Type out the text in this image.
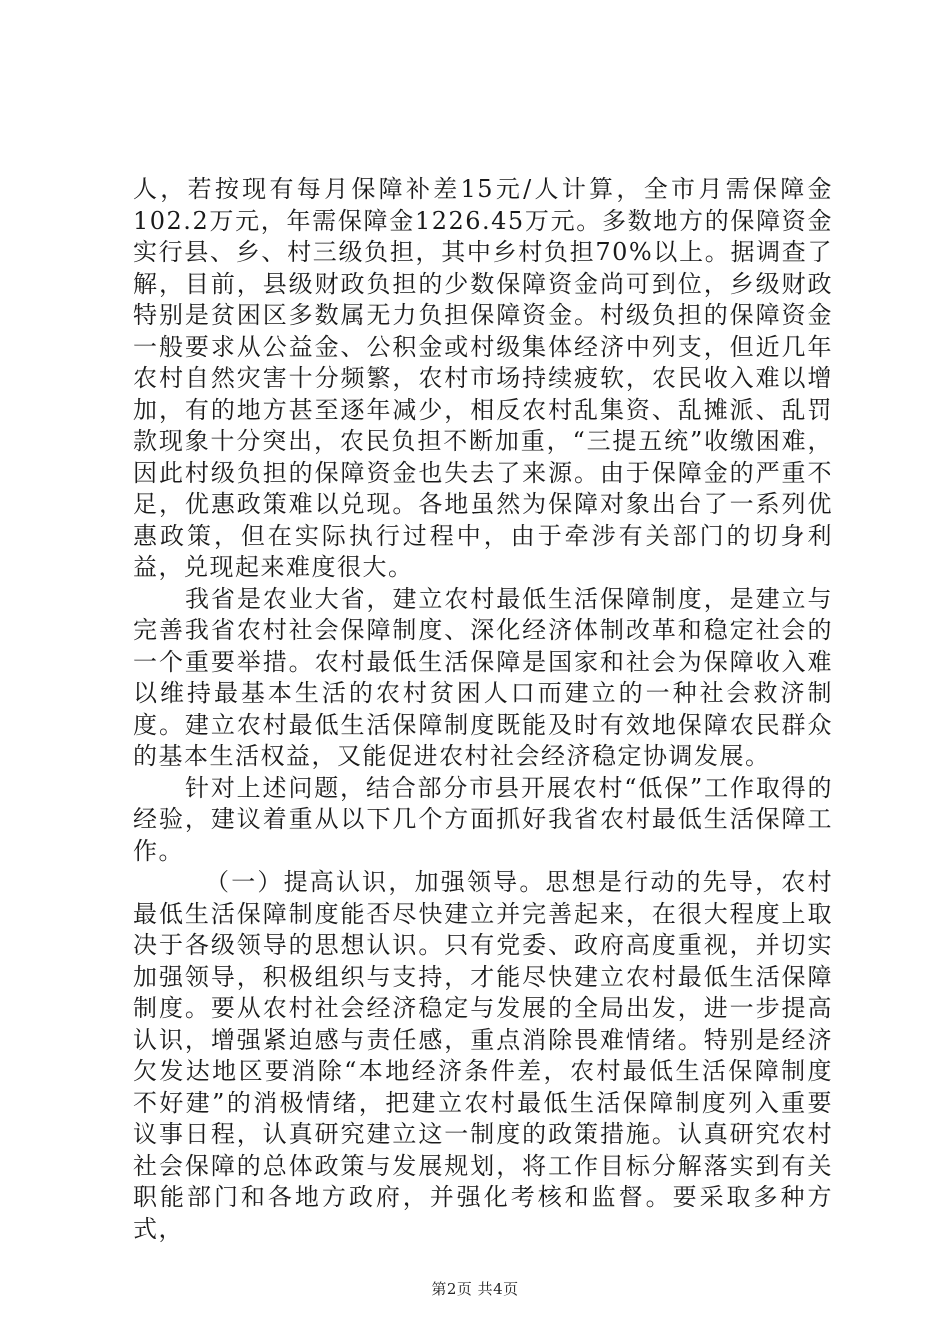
人，若按现有每月保障补差15元/人计算，全市月需保障金102.2万元，年需保障金1226.45万元。多数地方的保障资金实行县、乡、村三级负担，其中乡村负担70%以上。据调查了解，目前，县级财政负担的少数保障资金尚可到位，乡级财政特别是贫困区多数属无力负担保障资金。村级负担的保障资金一般要求从公益金、公积金或村级集体经济中列支，但近几年农村自然灾害十分频繁，农村市场持续疲软，农民收入难以增加，有的地方甚至逐年减少，相反农村乱集资、乱摊派、乱罚款现象十分突出，农民负担不断加重，“三提五统”收缴困难，因此村级负担的保障资金也失去了来源。由于保障金的严重不足，优惠政策难以兑现。各地虽然为保障对象出台了一系列优惠政策，但在实际执行过程中，由于牵涉有关部门的切身利益，兑现起来难度很大。

我省是农业大省，建立农村最低生活保障制度，是建立与完善我省农村社会保障制度、深化经济体制改革和稳定社会的一个重要举措。农村最低生活保障是国家和社会为保障收入难以维持最基本生活的农村贫困人口而建立的一种社会救济制度。建立农村最低生活保障制度既能及时有效地保障农民群众的基本生活权益，又能促进农村社会经济稳定协调发展。

针对上述问题，结合部分市县开展农村“低保”工作取得的经验，建议着重从以下几个方面抓好我省农村最低生活保障工作。

（一）提高认识，加强领导。思想是行动的先导，农村最低生活保障制度能否尽快建立并完善起来，在很大程度上取决于各级领导的思想认识。只有党委、政府高度重视，并切实加强领导，积极组织与支持，才能尽快建立农村最低生活保障制度。要从农村社会经济稳定与发展的全局出发，进一步提高认识，增强紧迫感与责任感，重点消除畏难情绪。特别是经济欠发达地区要消除“本地经济条件差，农村最低生活保障制度不好建”的消极情绪，把建立农村最低生活保障制度列入重要议事日程，认真研究建立这一制度的政策措施。认真研究农村社会保障的总体政策与发展规划，将工作目标分解落实到有关职能部门和各地方政府，并强化考核和监督。要采取多种方式，

第2页 共4页
